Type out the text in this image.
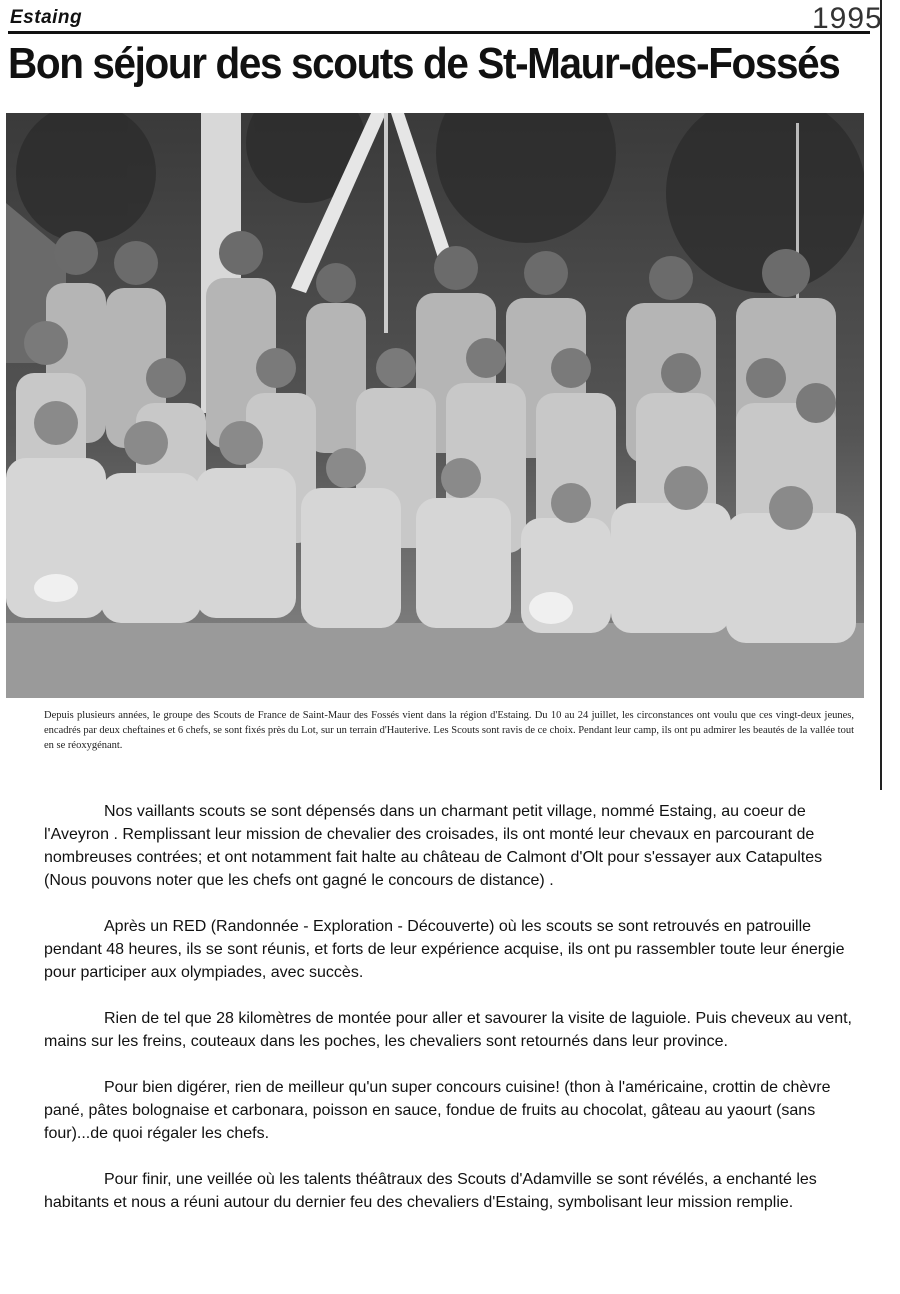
Estaing	1995
Bon séjour des scouts de St-Maur-des-Fossés
Depuis plusieurs années, le groupe des Scouts de France de Saint-Maur des Fossés vient dans la région d'Estaing. Du 10 au 24 juillet, les circonstances ont voulu que ces vingt-deux jeunes, encadrés par deux cheftaines et 6 chefs, se sont fixés près du Lot, sur un terrain d'Hauterive. Les Scouts sont ravis de ce choix. Pendant leur camp, ils ont pu admirer les beautés de la vallée tout en se réoxygénant.

Nos vaillants scouts se sont dépensés dans un charmant petit village, nommé Estaing, au coeur de l'Aveyron . Remplissant leur mission de chevalier des croisades, ils ont monté leur chevaux en parcourant de nombreuses contrées; et ont notamment fait halte au château de Calmont d'Olt pour s'essayer aux Catapultes (Nous pouvons noter que les chefs ont gagné le concours de distance) .

Après un RED (Randonnée - Exploration - Découverte) où les scouts se sont retrouvés en patrouille pendant 48 heures, ils se sont réunis, et forts de leur expérience acquise, ils ont pu rassembler toute leur énergie pour participer aux olympiades, avec succès.

Rien de tel que 28 kilomètres de montée pour aller et savourer la visite de laguiole. Puis cheveux au vent, mains sur les freins, couteaux dans les poches, les chevaliers sont retournés dans leur province.

Pour bien digérer, rien de meilleur qu'un super concours cuisine! (thon à l'américaine, crottin de chèvre pané, pâtes bolognaise et carbonara, poisson en sauce, fondue de fruits au chocolat, gâteau au yaourt (sans four)...de quoi régaler les chefs.

Pour finir, une veillée où les talents théâtraux des Scouts d'Adamville se sont révélés, a enchanté les habitants et nous a réuni autour du dernier feu des chevaliers d'Estaing, symbolisant leur mission remplie.
